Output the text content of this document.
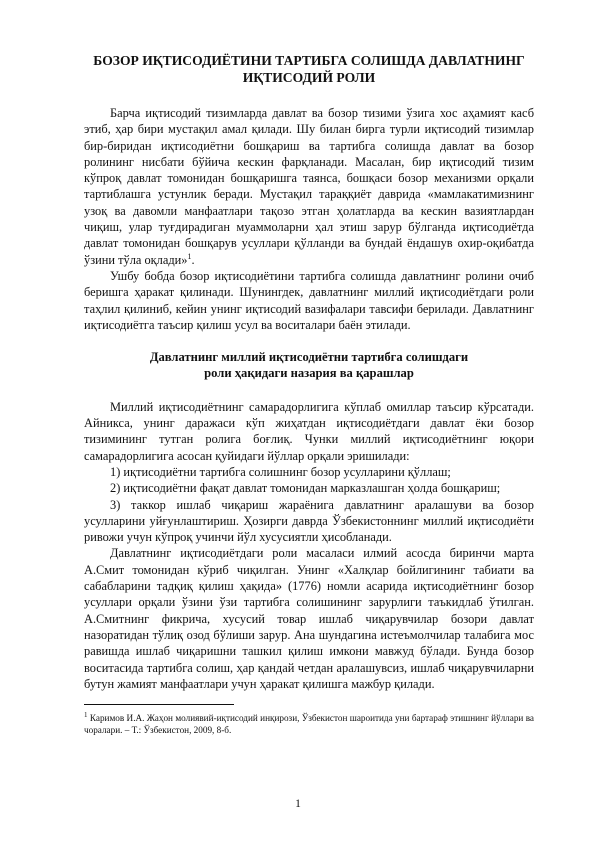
БОЗОР ИҚТИСОДИЁТИНИ ТАРТИБГА СОЛИШДА ДАВЛАТНИНГ
ИҚТИСОДИЙ РОЛИ

Барча иқтисодий тизимларда давлат ва бозор тизими ўзига хос аҳамият касб этиб, ҳар бири мустақил амал қилади. Шу билан бирга турли иқтисодий тизимлар бир-биридан иқтисодиётни бошқариш ва тартибга солишда давлат ва бозор ролининг нисбати бўйича кескин фарқланади. Масалан, бир иқтисодий тизим кўпроқ давлат томонидан бошқаришга таянса, бошқаси бозор механизми орқали тартиблашга устунлик беради. Мустақил тараққиёт даврида «мамлакатимизнинг узоқ ва давомли манфаатлари тақозо этган ҳолатларда ва кескин вазиятлардан чиқиш, улар туғдирадиган муаммоларни ҳал этиш зарур бўлганда иқтисодиётда давлат томонидан бошқарув усуллари қўлланди ва бундай ёндашув охир-оқибатда ўзини тўла оқлади»$^1$.

Ушбу бобда бозор иқтисодиётини тартибга солишда давлатнинг ролини очиб беришга ҳаракат қилинади. Шунингдек, давлатнинг миллий иқтисодиётдаги роли таҳлил қилиниб, кейин унинг иқтисодий вазифалари тавсифи берилади. Давлатнинг иқтисодиётга таъсир қилиш усул ва воситалари баён этилади.

Давлатнинг миллий иқтисодиётни тартибга солишдаги
роли ҳақидаги назария ва қарашлар

Миллий иқтисодиётнинг самарадорлигига кўплаб омиллар таъсир кўрсатади. Айникса, унинг даражаси кўп жиҳатдан иқтисодиётдаги давлат ёки бозор тизимининг тутган ролига боғлиқ. Чунки миллий иқтисодиётнинг юқори самарадорлигига асосан қуйидаги йўллар орқали эришилади:

1) иқтисодиётни тартибга солишнинг бозор усулларини қўллаш;

2) иқтисодиётни фақат давлат томонидан марказлашган ҳолда бошқариш;

3) таккор ишлаб чиқариш жараёнига давлатнинг аралашуви ва бозор усулларини уйғунлаштириш. Ҳозирги даврда Ўзбекистоннинг миллий иқтисодиёти ривожи учун кўпроқ учинчи йўл хусусиятли ҳисобланади.

Давлатнинг иқтисодиётдаги роли масаласи илмий асосда биринчи марта А.Смит томонидан кўриб чиқилган. Унинг «Халқлар бойлигининг табиати ва сабабларини тадқиқ қилиш ҳақида» (1776) номли асарида иқтисодиётнинг бозор усуллари орқали ўзини ўзи тартибга солишининг зарурлиги таъкидлаб ўтилган. А.Смитнинг фикрича, хусусий товар ишлаб чиқарувчилар бозори давлат назоратидан тўлиқ озод бўлиши зарур. Ана шундагина истеъмолчилар талабига мос равишда ишлаб чиқаришни ташкил қилиш имкони мавжуд бўлади. Бунда бозор воситасида тартибга солиш, ҳар қандай четдан аралашувсиз, ишлаб чиқарувчиларни бутун жамият манфаатлари учун ҳаракат қилишга мажбур қилади.

$^1$ Каримов И.А. Жаҳон молиявий-иқтисодий инқирози, Ўзбекистон шароитида уни бартараф этишнинг йўллари ва чоралари. – Т.: Ўзбекистон, 2009, 8-б.

1
